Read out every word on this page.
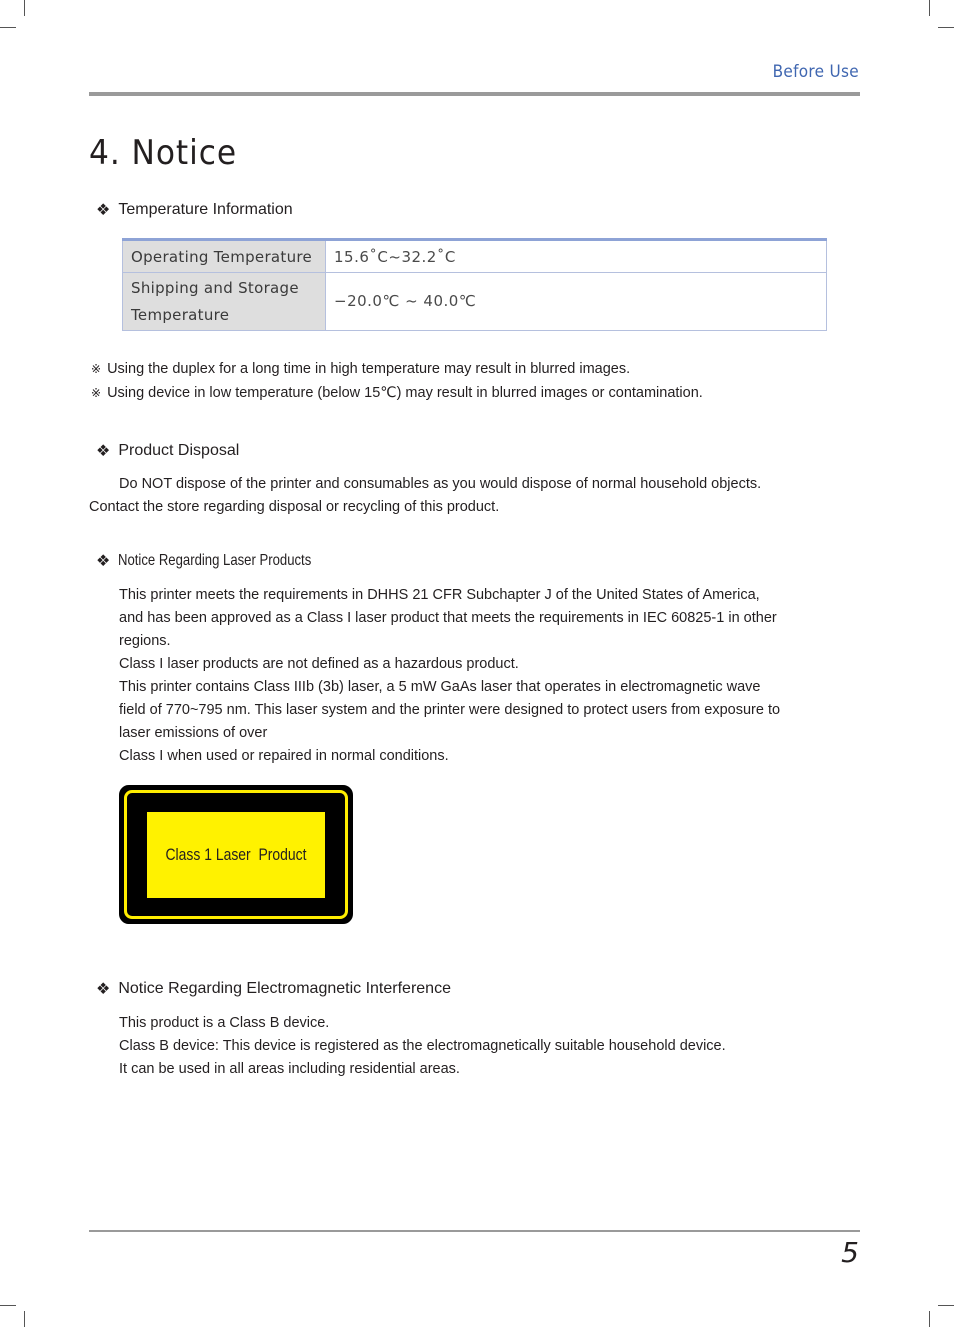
Before Use
4. Notice
❖ Temperature Information
Operating Temperature	15.6˚C~32.2˚C
Shipping and Storage Temperature	−20.0℃ ~ 40.0℃
※ Using the duplex for a long time in high temperature may result in blurred images.
※ Using device in low temperature (below 15℃) may result in blurred images or contamination.
❖ Product Disposal
Do NOT dispose of the printer and consumables as you would dispose of normal household objects.
Contact the store regarding disposal or recycling of this product.
❖ Notice Regarding Laser Products
This printer meets the requirements in DHHS 21 CFR Subchapter J of the United States of America,
and has been approved as a Class I laser product that meets the requirements in IEC 60825-1 in other
regions.
Class I laser products are not defined as a hazardous product.
This printer contains Class IIIb (3b) laser, a 5 mW GaAs laser that operates in electromagnetic wave
field of 770~795 nm. This laser system and the printer were designed to protect users from exposure to
laser emissions of over
Class I when used or repaired in normal conditions.
Class 1 Laser  Product
❖ Notice Regarding Electromagnetic Interference
This product is a Class B device.
Class B device: This device is registered as the electromagnetically suitable household device.
It can be used in all areas including residential areas.
5
